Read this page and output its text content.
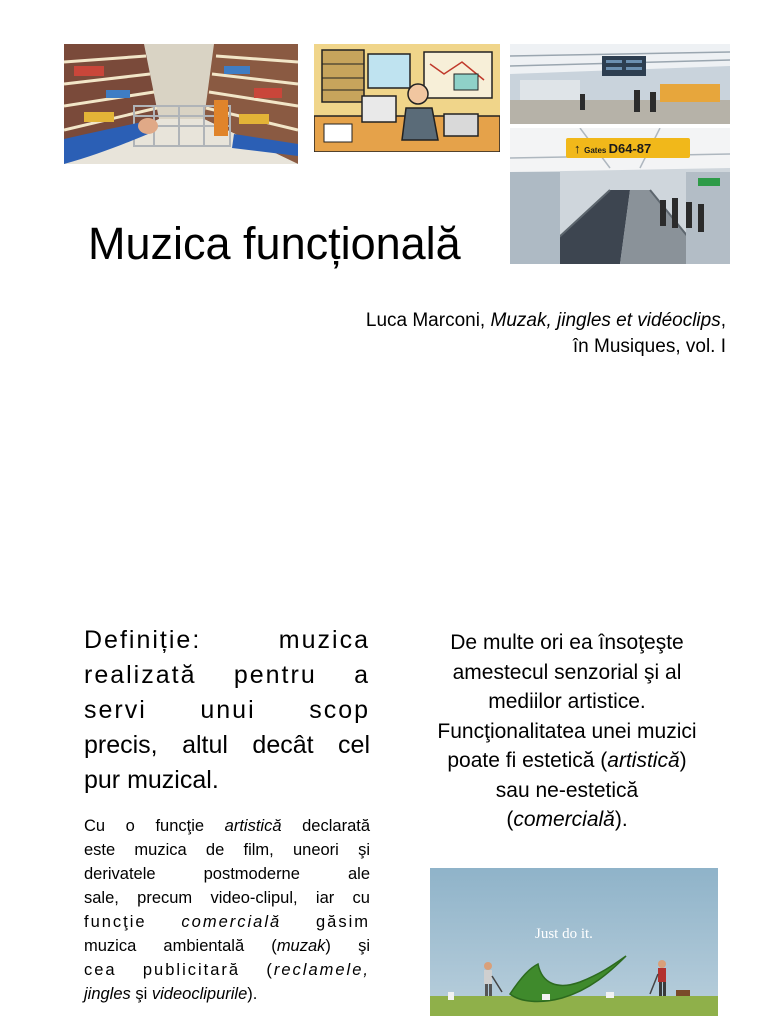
↑ Gates D64-87
Muzica funcțională
Luca Marconi, Muzak, jingles et vidéoclips,
în Musiques, vol. I
Definiție: muzica
realizată pentru a
servi unui scop
precis, altul decât cel
pur muzical.
Cu o funcţie artistică declarată
este muzica de film, uneori şi
derivatele postmoderne ale
sale, precum video-clipul, iar cu
funcţie comercială găsim
muzica ambientală (muzak) şi
cea publicitară (reclamele,
jingles şi videoclipurile).
De multe ori ea însoţeşte
amestecul senzorial şi al
mediilor artistice.
Funcţionalitatea unei muzici
poate fi estetică (artistică)
sau ne-estetică
(comercială).
Just do it.
